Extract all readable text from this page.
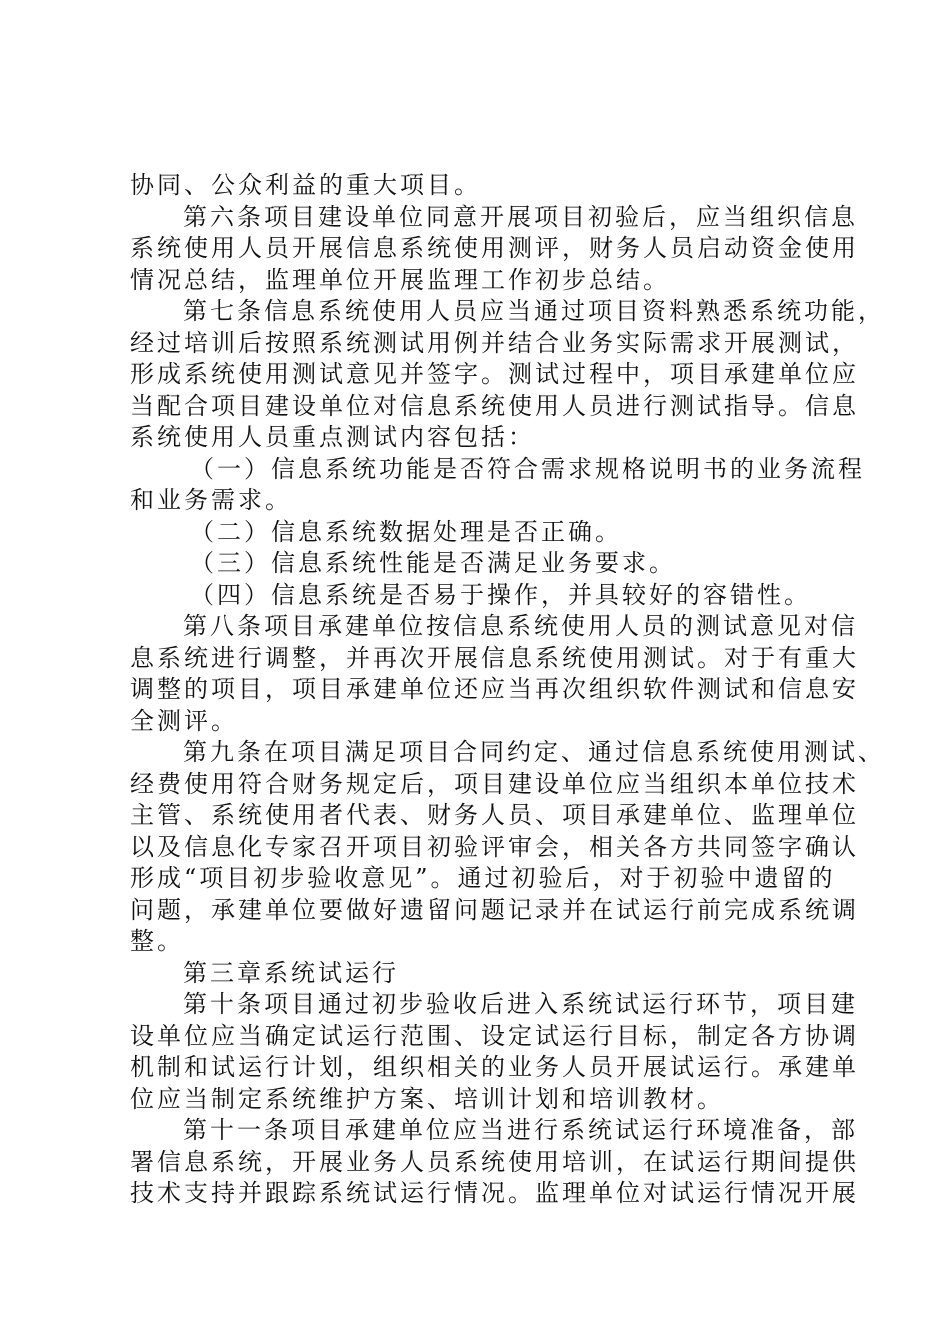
协同、公众利益的重大项目。
第六条项目建设单位同意开展项目初验后，应当组织信息
系统使用人员开展信息系统使用测评，财务人员启动资金使用
情况总结，监理单位开展监理工作初步总结。
第七条信息系统使用人员应当通过项目资料熟悉系统功能，
经过培训后按照系统测试用例并结合业务实际需求开展测试，
形成系统使用测试意见并签字。测试过程中，项目承建单位应
当配合项目建设单位对信息系统使用人员进行测试指导。信息
系统使用人员重点测试内容包括：
（一）信息系统功能是否符合需求规格说明书的业务流程
和业务需求。
（二）信息系统数据处理是否正确。
（三）信息系统性能是否满足业务要求。
（四）信息系统是否易于操作，并具较好的容错性。
第八条项目承建单位按信息系统使用人员的测试意见对信
息系统进行调整，并再次开展信息系统使用测试。对于有重大
调整的项目，项目承建单位还应当再次组织软件测试和信息安
全测评。
第九条在项目满足项目合同约定、通过信息系统使用测试、
经费使用符合财务规定后，项目建设单位应当组织本单位技术
主管、系统使用者代表、财务人员、项目承建单位、监理单位
以及信息化专家召开项目初验评审会，相关各方共同签字确认
形成“项目初步验收意见”。通过初验后，对于初验中遗留的
问题，承建单位要做好遗留问题记录并在试运行前完成系统调
整。
第三章系统试运行
第十条项目通过初步验收后进入系统试运行环节，项目建
设单位应当确定试运行范围、设定试运行目标，制定各方协调
机制和试运行计划，组织相关的业务人员开展试运行。承建单
位应当制定系统维护方案、培训计划和培训教材。
第十一条项目承建单位应当进行系统试运行环境准备，部
署信息系统，开展业务人员系统使用培训，在试运行期间提供
技术支持并跟踪系统试运行情况。监理单位对试运行情况开展
